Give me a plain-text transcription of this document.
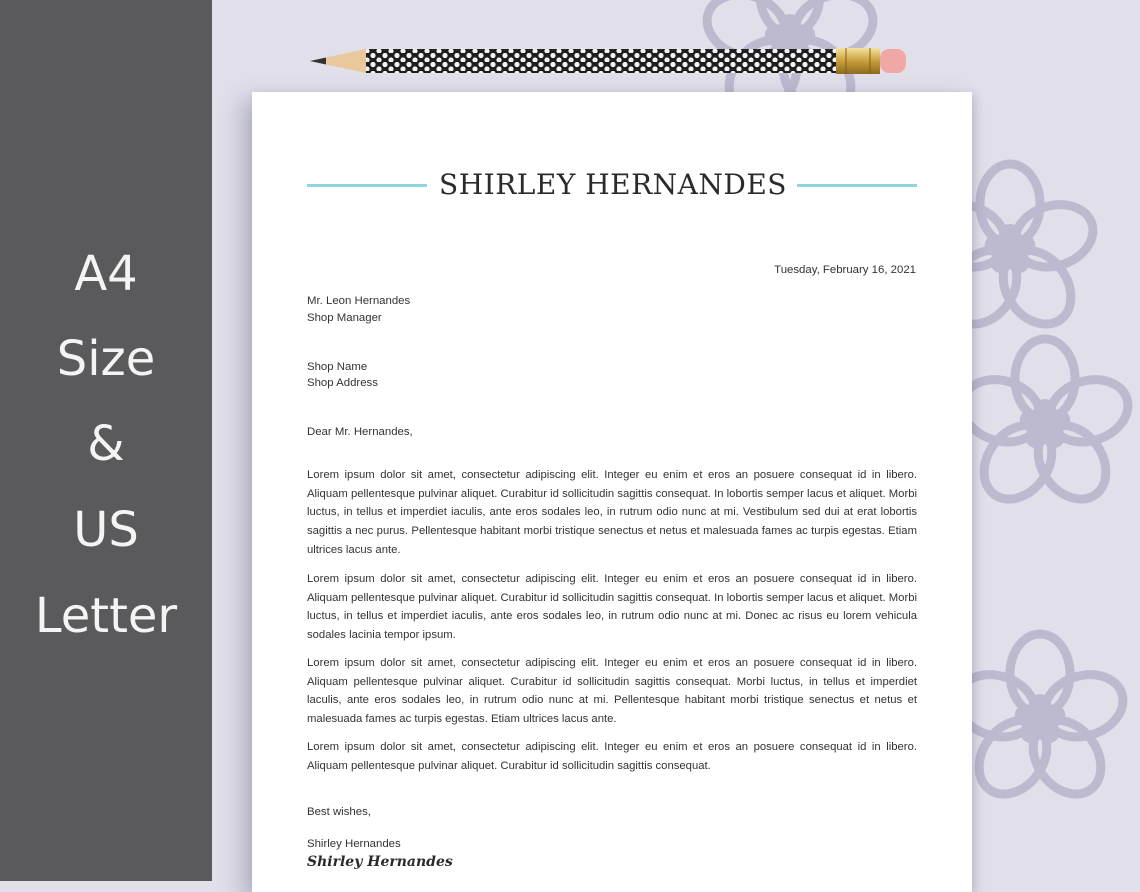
A4
Size
&
US
Letter
SHIRLEY HERNANDES
Tuesday, February 16, 2021
Mr. Leon Hernandes
Shop Manager
Shop Name
Shop Address
Dear Mr. Hernandes,
Lorem ipsum dolor sit amet, consectetur adipiscing elit. Integer eu enim et eros an posuere consequat id in libero. Aliquam pellentesque pulvinar aliquet. Curabitur id sollicitudin sagittis consequat. In lobortis semper lacus et aliquet. Morbi luctus, in tellus et imperdiet iaculis, ante eros sodales leo, in rutrum odio nunc at mi. Vestibulum sed dui at erat lobortis sagittis a nec purus. Pellentesque habitant morbi tristique senectus et netus et malesuada fames ac turpis egestas. Etiam ultrices lacus ante.
Lorem ipsum dolor sit amet, consectetur adipiscing elit. Integer eu enim et eros an posuere consequat id in libero. Aliquam pellentesque pulvinar aliquet. Curabitur id sollicitudin sagittis consequat. In lobortis semper lacus et aliquet. Morbi luctus, in tellus et imperdiet iaculis, ante eros sodales leo, in rutrum odio nunc at mi. Donec ac risus eu lorem vehicula sodales lacinia tempor ipsum.
Lorem ipsum dolor sit amet, consectetur adipiscing elit. Integer eu enim et eros an posuere consequat id in libero. Aliquam pellentesque pulvinar aliquet. Curabitur id sollicitudin sagittis consequat. Morbi luctus, in tellus et imperdiet laculis, ante eros sodales leo, in rutrum odio nunc at mi. Pellentesque habitant morbi tristique senectus et netus et malesuada fames ac turpis egestas. Etiam ultrices lacus ante.
Lorem ipsum dolor sit amet, consectetur adipiscing elit. Integer eu enim et eros an posuere consequat id in libero. Aliquam pellentesque pulvinar aliquet. Curabitur id sollicitudin sagittis consequat.
Best wishes,
Shirley Hernandes
Shirley Hernandes
